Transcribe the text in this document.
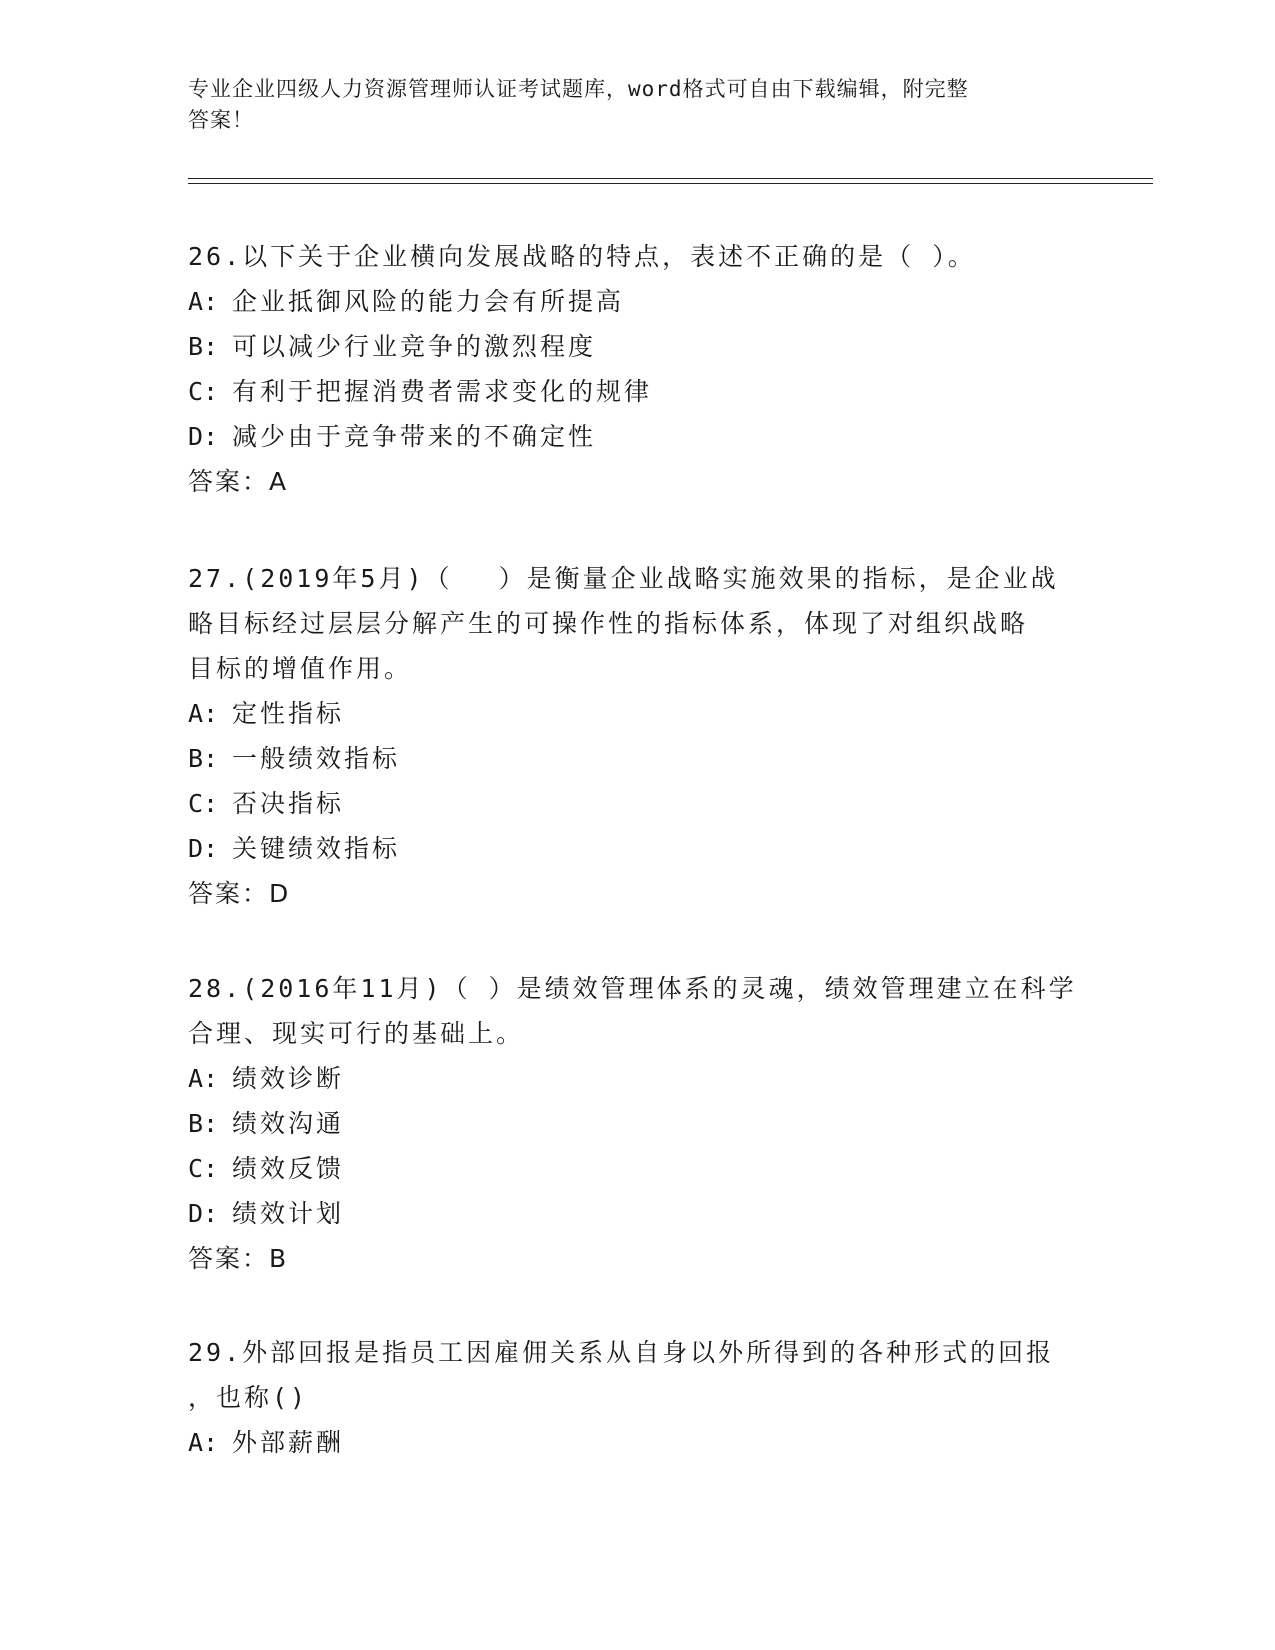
专业企业四级人力资源管理师认证考试题库，word格式可自由下载编辑，附完整
答案！
26.以下关于企业横向发展战略的特点，表述不正确的是（ ）。
A: 企业抵御风险的能力会有所提高
B: 可以减少行业竞争的激烈程度
C: 有利于把握消费者需求变化的规律
D: 减少由于竞争带来的不确定性
答案：A
27.(2019年5月)（　 ）是衡量企业战略实施效果的指标，是企业战
略目标经过层层分解产生的可操作性的指标体系，体现了对组织战略
目标的增值作用。
A: 定性指标
B: 一般绩效指标
C: 否决指标
D: 关键绩效指标
答案：D
28.(2016年11月)（ ）是绩效管理体系的灵魂，绩效管理建立在科学
合理、现实可行的基础上。
A: 绩效诊断
B: 绩效沟通
C: 绩效反馈
D: 绩效计划
答案：B
29.外部回报是指员工因雇佣关系从自身以外所得到的各种形式的回报
，也称()
A: 外部薪酬
